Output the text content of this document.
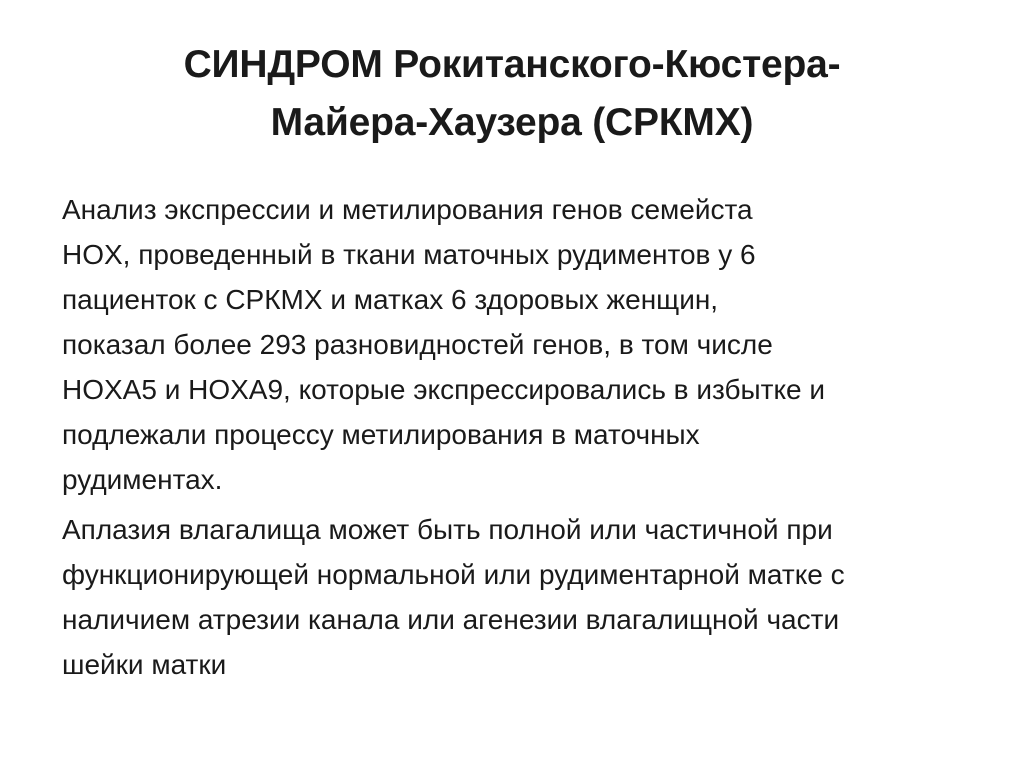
СИНДРОМ Рокитанского-Кюстера-
Майера-Хаузера (СРКМХ)
Анализ экспрессии и метилирования генов семейста
HOX, проведенный в ткани маточных рудиментов у 6
пациенток с СРКМХ и матках 6 здоровых женщин,
показал более 293 разновидностей генов, в том числе
HOXA5 и HOXA9, которые экспрессировались в избытке и
подлежали процессу метилирования в маточных
рудиментах.
Аплазия влагалища может быть полной или частичной при
функционирующей нормальной или рудиментарной матке с
наличием атрезии канала или агенезии влагалищной части
шейки матки
